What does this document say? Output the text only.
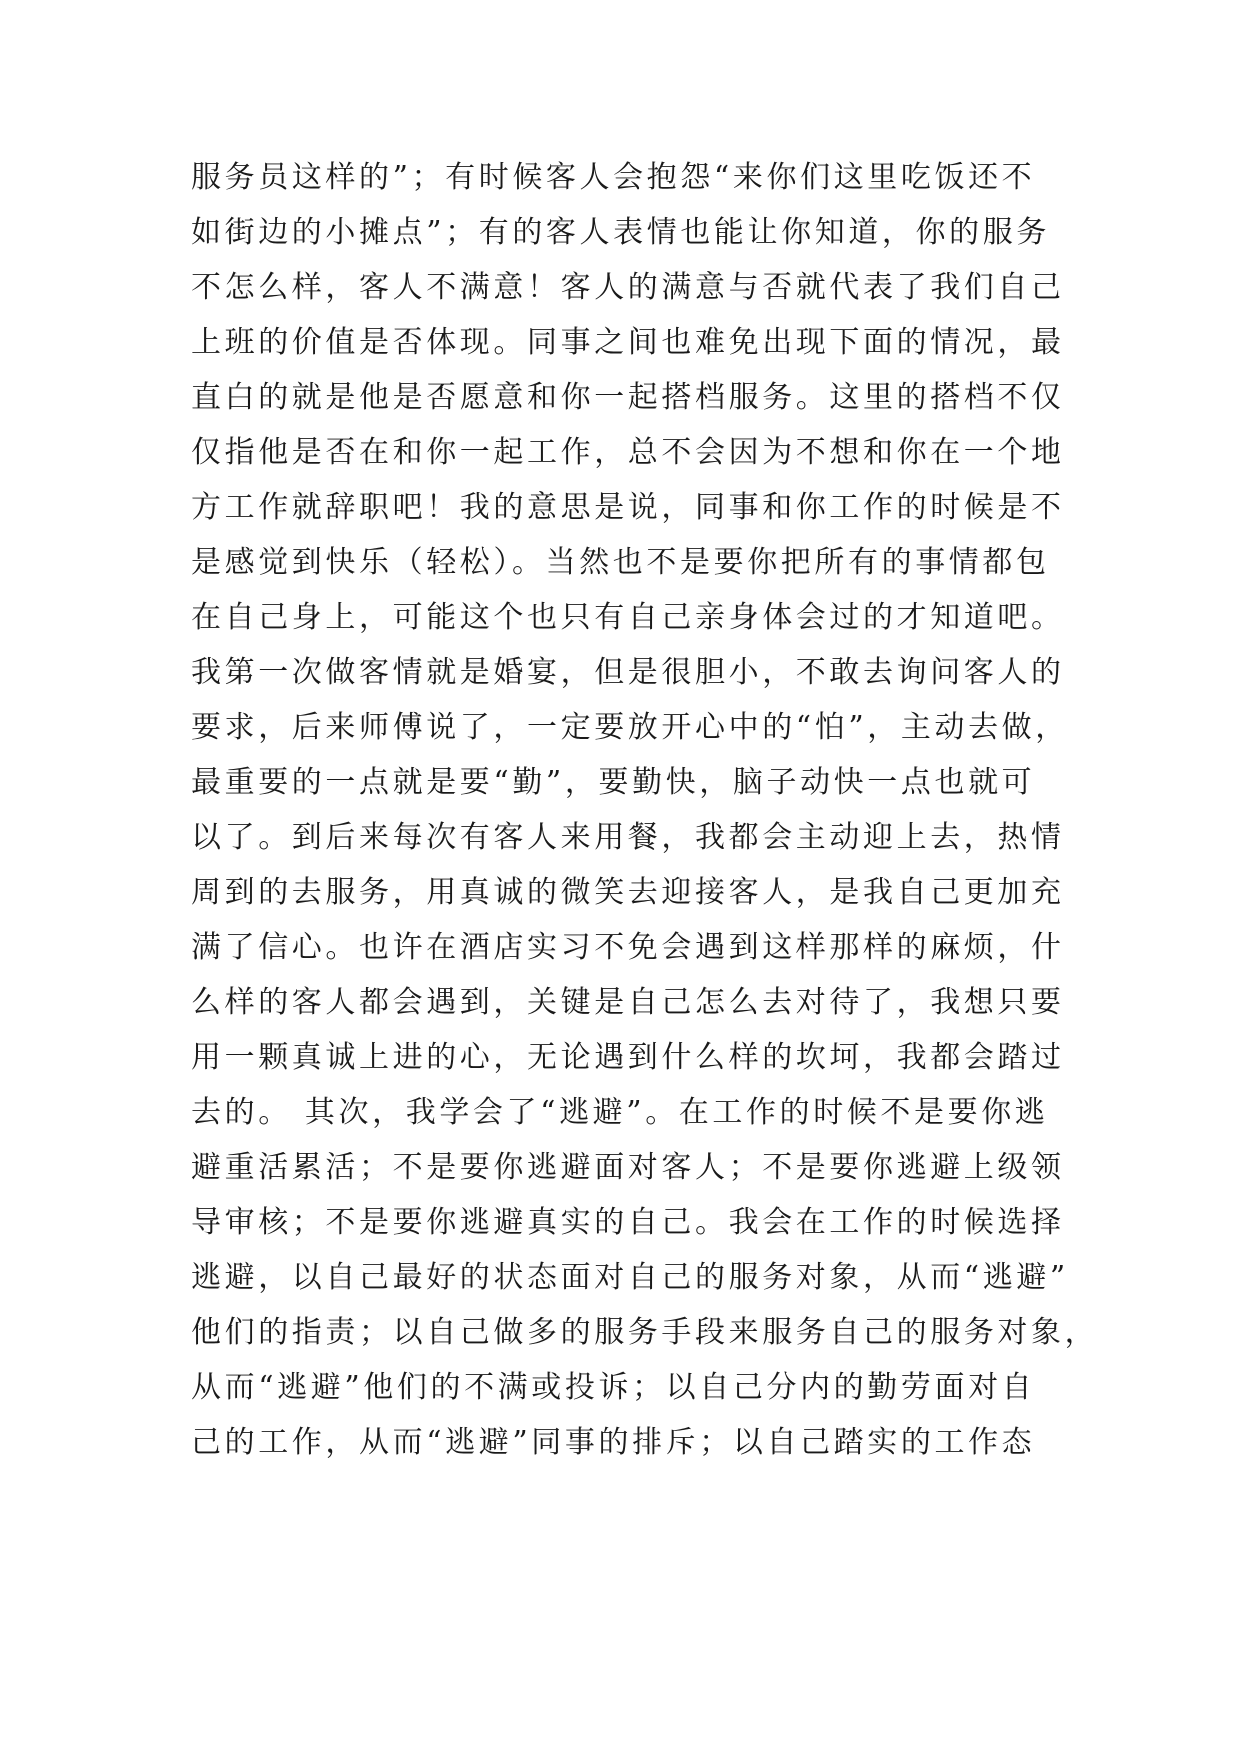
服务员这样的”；有时候客人会抱怨“来你们这里吃饭还不
如街边的小摊点”；有的客人表情也能让你知道，你的服务
不怎么样，客人不满意！客人的满意与否就代表了我们自己
上班的价值是否体现。同事之间也难免出现下面的情况，最
直白的就是他是否愿意和你一起搭档服务。这里的搭档不仅
仅指他是否在和你一起工作，总不会因为不想和你在一个地
方工作就辞职吧！我的意思是说，同事和你工作的时候是不
是感觉到快乐（轻松）。当然也不是要你把所有的事情都包
在自己身上，可能这个也只有自己亲身体会过的才知道吧。
我第一次做客情就是婚宴，但是很胆小，不敢去询问客人的
要求，后来师傅说了，一定要放开心中的“怕”，主动去做，
最重要的一点就是要“勤”，要勤快，脑子动快一点也就可
以了。到后来每次有客人来用餐，我都会主动迎上去，热情
周到的去服务，用真诚的微笑去迎接客人，是我自己更加充
满了信心。也许在酒店实习不免会遇到这样那样的麻烦，什
么样的客人都会遇到，关键是自己怎么去对待了，我想只要
用一颗真诚上进的心，无论遇到什么样的坎坷，我都会踏过
去的。 其次，我学会了“逃避”。在工作的时候不是要你逃
避重活累活；不是要你逃避面对客人；不是要你逃避上级领
导审核；不是要你逃避真实的自己。我会在工作的时候选择
逃避，以自己最好的状态面对自己的服务对象，从而“逃避”
他们的指责；以自己做多的服务手段来服务自己的服务对象，
从而“逃避”他们的不满或投诉；以自己分内的勤劳面对自
己的工作，从而“逃避”同事的排斥；以自己踏实的工作态
